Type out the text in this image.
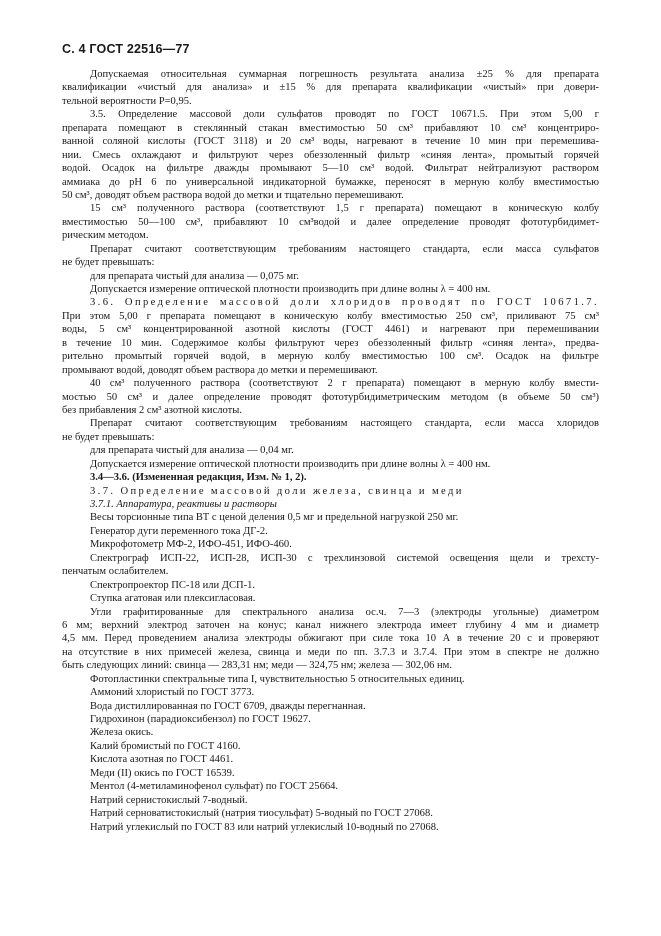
С. 4 ГОСТ 22516—77
Допускаемая относительная суммарная погрешность результата анализа ±25 % для препарата
квалификации «чистый для анализа» и ±15 % для препарата квалификации «чистый» при довери-
тельной вероятности P=0,95.
3.5. Определение массовой доли сульфатов проводят по ГОСТ 10671.5. При этом 5,00 г
препарата помещают в стеклянный стакан вместимостью 50 см³ прибавляют 10 см³ концентриро-
ванной соляной кислоты (ГОСТ 3118) и 20 см³ воды, нагревают в течение 10 мин при перемешива-
нии. Смесь охлаждают и фильтруют через обеззоленный фильтр «синяя лента», промытый горячей
водой. Осадок на фильтре дважды промывают 5—10 см³ водой. Фильтрат нейтрализуют раствором
аммиака до pH 6 по универсальной индикаторной бумажке, переносят в мерную колбу вместимостью
50 см³, доводят объем раствора водой до метки и тщательно перемешивают.
15 см³ полученного раствора (соответствуют 1,5 г препарата) помещают в коническую колбу
вместимостью 50—100 см³, прибавляют 10 см³водой и далее определение проводят фототурбидимет-
рическим методом.
Препарат считают соответствующим требованиям настоящего стандарта, если масса сульфатов
не будет превышать:
для препарата чистый для анализа — 0,075 мг.
Допускается измерение оптической плотности производить при длине волны λ = 400 нм.
3.6. Определение массовой доли хлоридов проводят по ГОСТ 10671.7.
При этом 5,00 г препарата помещают в коническую колбу вместимостью 250 см³, приливают 75 см³
воды, 5 см³ концентрированной азотной кислоты (ГОСТ 4461) и нагревают при перемешивании
в течение 10 мин. Содержимое колбы фильтруют через обеззоленный фильтр «синяя лента», предва-
рительно промытый горячей водой, в мерную колбу вместимостью 100 см³. Осадок на фильтре
промывают водой, доводят объем раствора до метки и перемешивают.
40 см³ полученного раствора (соответствуют 2 г препарата) помещают в мерную колбу вмести-
мостью 50 см³ и далее определение проводят фототурбидиметрическим методом (в объеме 50 см³)
без прибавления 2 см³ азотной кислоты.
Препарат считают соответствующим требованиям настоящего стандарта, если масса хлоридов
не будет превышать:
для препарата чистый для анализа — 0,04 мг.
Допускается измерение оптической плотности производить при длине волны λ = 400 нм.
3.4—3.6. (Измененная редакция, Изм. № 1, 2).
3.7. Определение массовой доли железа, свинца и меди
3.7.1. Аппаратура, реактивы и растворы
Весы торсионные типа ВТ с ценой деления 0,5 мг и предельной нагрузкой 250 мг.
Генератор дуги переменного тока ДГ-2.
Микрофотометр МФ-2, ИФО-451, ИФО-460.
Спектрограф ИСП-22, ИСП-28, ИСП-30 с трехлинзовой системой освещения щели и трехсту-
пенчатым ослабителем.
Спектропроектор ПС-18 или ДСП-1.
Ступка агатовая или плексигласовая.
Угли графитированные для спектрального анализа ос.ч. 7—3 (электроды угольные) диаметром
6 мм; верхний электрод заточен на конус; канал нижнего электрода имеет глубину 4 мм и диаметр
4,5 мм. Перед проведением анализа электроды обжигают при силе тока 10 А в течение 20 с и проверяют
на отсутствие в них примесей железа, свинца и меди по пп. 3.7.3 и 3.7.4. При этом в спектре не должно
быть следующих линий: свинца — 283,31 нм; меди — 324,75 нм; железа — 302,06 нм.
Фотопластинки спектральные типа I, чувствительностью 5 относительных единиц.
Аммоний хлористый по ГОСТ 3773.
Вода дистиллированная по ГОСТ 6709, дважды перегнанная.
Гидрохинон (парадиоксибензол) по ГОСТ 19627.
Железа окись.
Калий бромистый по ГОСТ 4160.
Кислота азотная по ГОСТ 4461.
Меди (II) окись по ГОСТ 16539.
Ментол (4-метиламинофенол сульфат) по ГОСТ 25664.
Натрий сернистокислый 7-водный.
Натрий серноватистокислый (натрия тиосульфат) 5-водный по ГОСТ 27068.
Натрий углекислый по ГОСТ 83 или натрий углекислый 10-водный по 27068.
